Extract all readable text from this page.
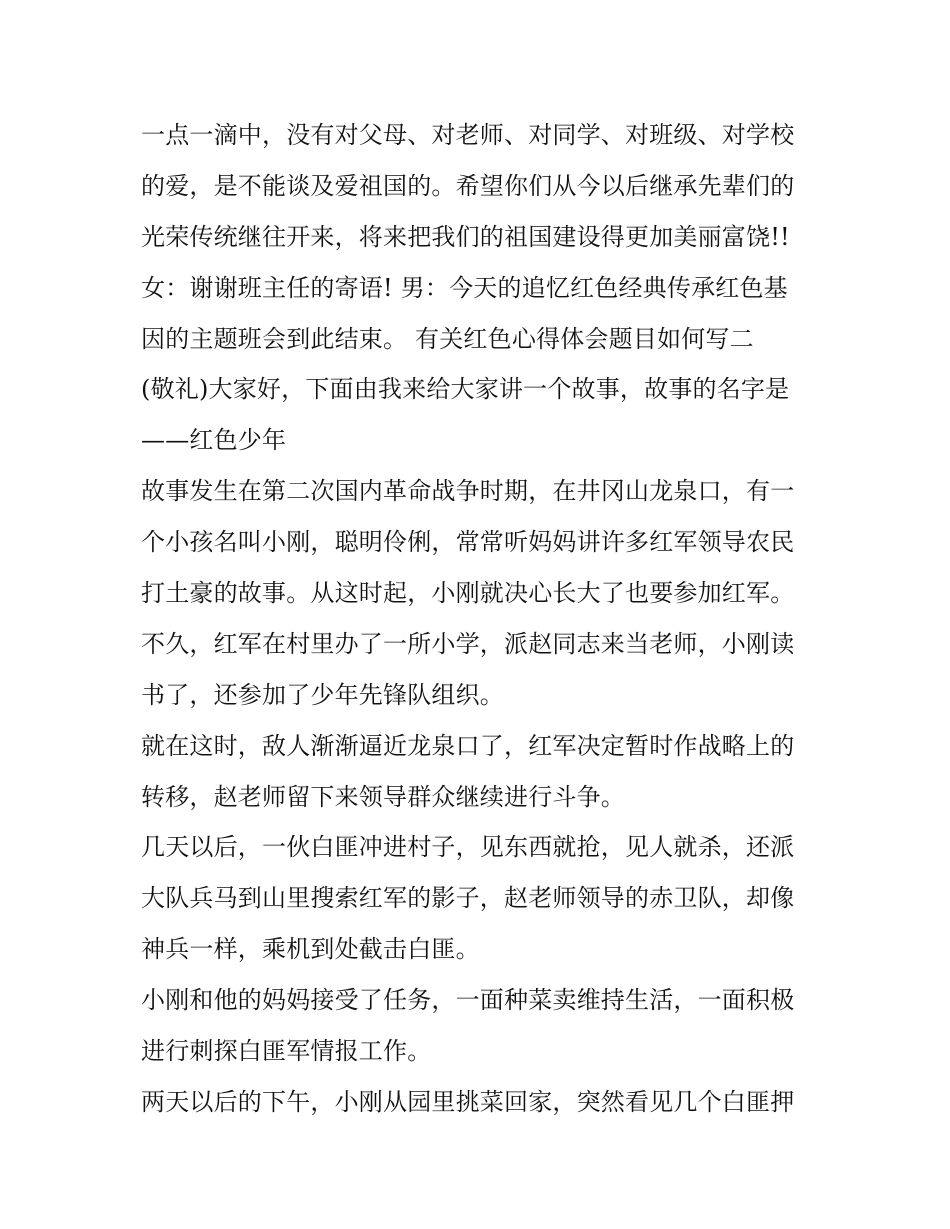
一点一滴中，没有对父母、对老师、对同学、对班级、对学校
的爱，是不能谈及爱祖国的。希望你们从今以后继承先辈们的
光荣传统继往开来，将来把我们的祖国建设得更加美丽富饶!!
女：谢谢班主任的寄语! 男：今天的追忆红色经典传承红色基
因的主题班会到此结束。 有关红色心得体会题目如何写二
(敬礼)大家好，下面由我来给大家讲一个故事，故事的名字是
——红色少年
故事发生在第二次国内革命战争时期，在井冈山龙泉口，有一
个小孩名叫小刚，聪明伶俐，常常听妈妈讲许多红军领导农民
打土豪的故事。从这时起，小刚就决心长大了也要参加红军。
不久，红军在村里办了一所小学，派赵同志来当老师，小刚读
书了，还参加了少年先锋队组织。
就在这时，敌人渐渐逼近龙泉口了，红军决定暂时作战略上的
转移，赵老师留下来领导群众继续进行斗争。
几天以后，一伙白匪冲进村子，见东西就抢，见人就杀，还派
大队兵马到山里搜索红军的影子，赵老师领导的赤卫队，却像
神兵一样，乘机到处截击白匪。
小刚和他的妈妈接受了任务，一面种菜卖维持生活，一面积极
进行刺探白匪军情报工作。
两天以后的下午，小刚从园里挑菜回家，突然看见几个白匪押
